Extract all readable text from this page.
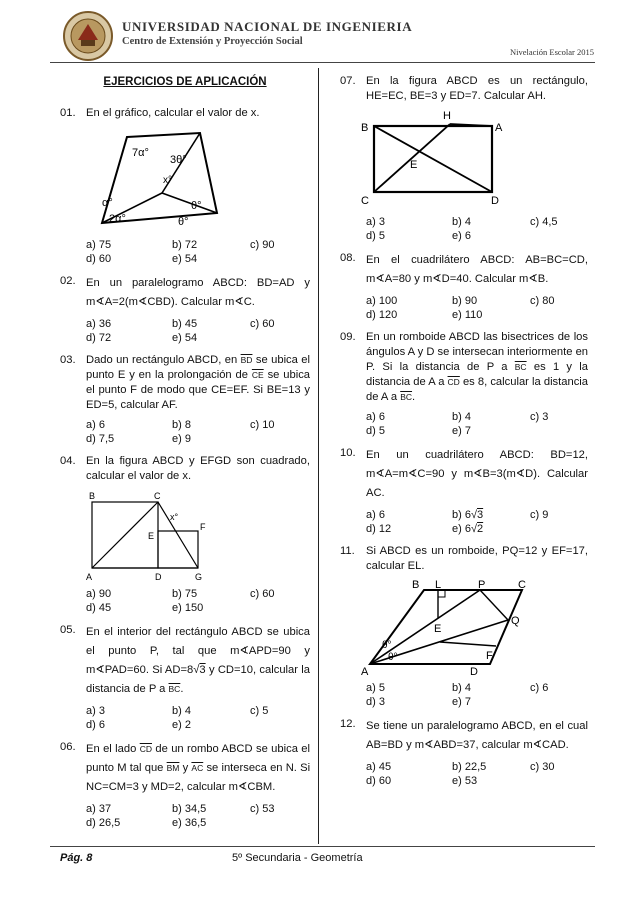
UNIVERSIDAD NACIONAL DE INGENIERIA
Centro de Extensión y Proyección Social
Nivelación Escolar 2015
EJERCICIOS DE APLICACIÓN
01. En el gráfico, calcular el valor de x.
7α°
3θ°
x°
α°
2α°
θ°
θ°
a) 75	b) 72	c) 90
d) 60	e) 54
02. En un paralelogramo ABCD: BD=AD y m∢A=2(m∢CBD). Calcular m∢C.
a) 36	b) 45	c) 60
d) 72	e) 54
03. Dado un rectángulo ABCD, en $\overline{BD}$ se ubica el punto E y en la prolongación de $\overline{CE}$ se ubica el punto F de modo que CE=EF. Si BE=13 y ED=5, calcular AF.
a) 6	b) 8	c) 10
d) 7,5	e) 9
04. En la figura ABCD y EFGD son cuadrado, calcular el valor de x.
B	C
E
F
A	D	G
x°
a) 90	b) 75	c) 60
d) 45	e) 150
05. En el interior del rectángulo ABCD se ubica el punto P, tal que m∢APD=90 y m∢PAD=60. Si AD=8√3 y CD=10, calcular la distancia de P a $\overline{BC}$.
a) 3	b) 4	c) 5
d) 6	e) 2
06. En el lado $\overline{CD}$ de un rombo ABCD se ubica el punto M tal que $\overline{BM}$ y $\overline{AC}$ se interseca en N. Si NC=CM=3 y MD=2, calcular m∢CBM.
a) 37	b) 34,5	c) 53
d) 26,5	e) 36,5
07. En la figura ABCD es un rectángulo, HE=EC, BE=3 y ED=7. Calcular AH.
H
B	A
E
C	D
a) 3	b) 4	c) 4,5
d) 5	e) 6
08. En el cuadrilátero ABCD: AB=BC=CD, m∢A=80 y m∢D=40. Calcular m∢B.
a) 100	b) 90	c) 80
d) 120	e) 110
09. En un romboide ABCD las bisectrices de los ángulos A y D se intersecan interiormente en P. Si la distancia de P a $\overline{BC}$ es 1 y la distancia de A a $\overline{CD}$ es 8, calcular la distancia de A a $\overline{BC}$.
a) 6	b) 4	c) 3
d) 5	e) 7
10. En un cuadrilátero ABCD: BD=12, m∢A=m∢C=90 y m∢B=3(m∢D). Calcular AC.
a) 6	b) 6√3	c) 9
d) 12	e) 6√2
11.	Si ABCD es un romboide, PQ=12 y EF=17, calcular EL.
B L	P	C
Q
E
F
A	D
θ°
θ°
a) 5	b) 4	c) 6
d) 3	e) 7
12. Se tiene un paralelogramo ABCD, en el cual AB=BD y m∢ABD=37, calcular m∢CAD.
a) 45	b) 22,5	c) 30
d) 60	e) 53
Pág. 8	5º Secundaria - Geometría
